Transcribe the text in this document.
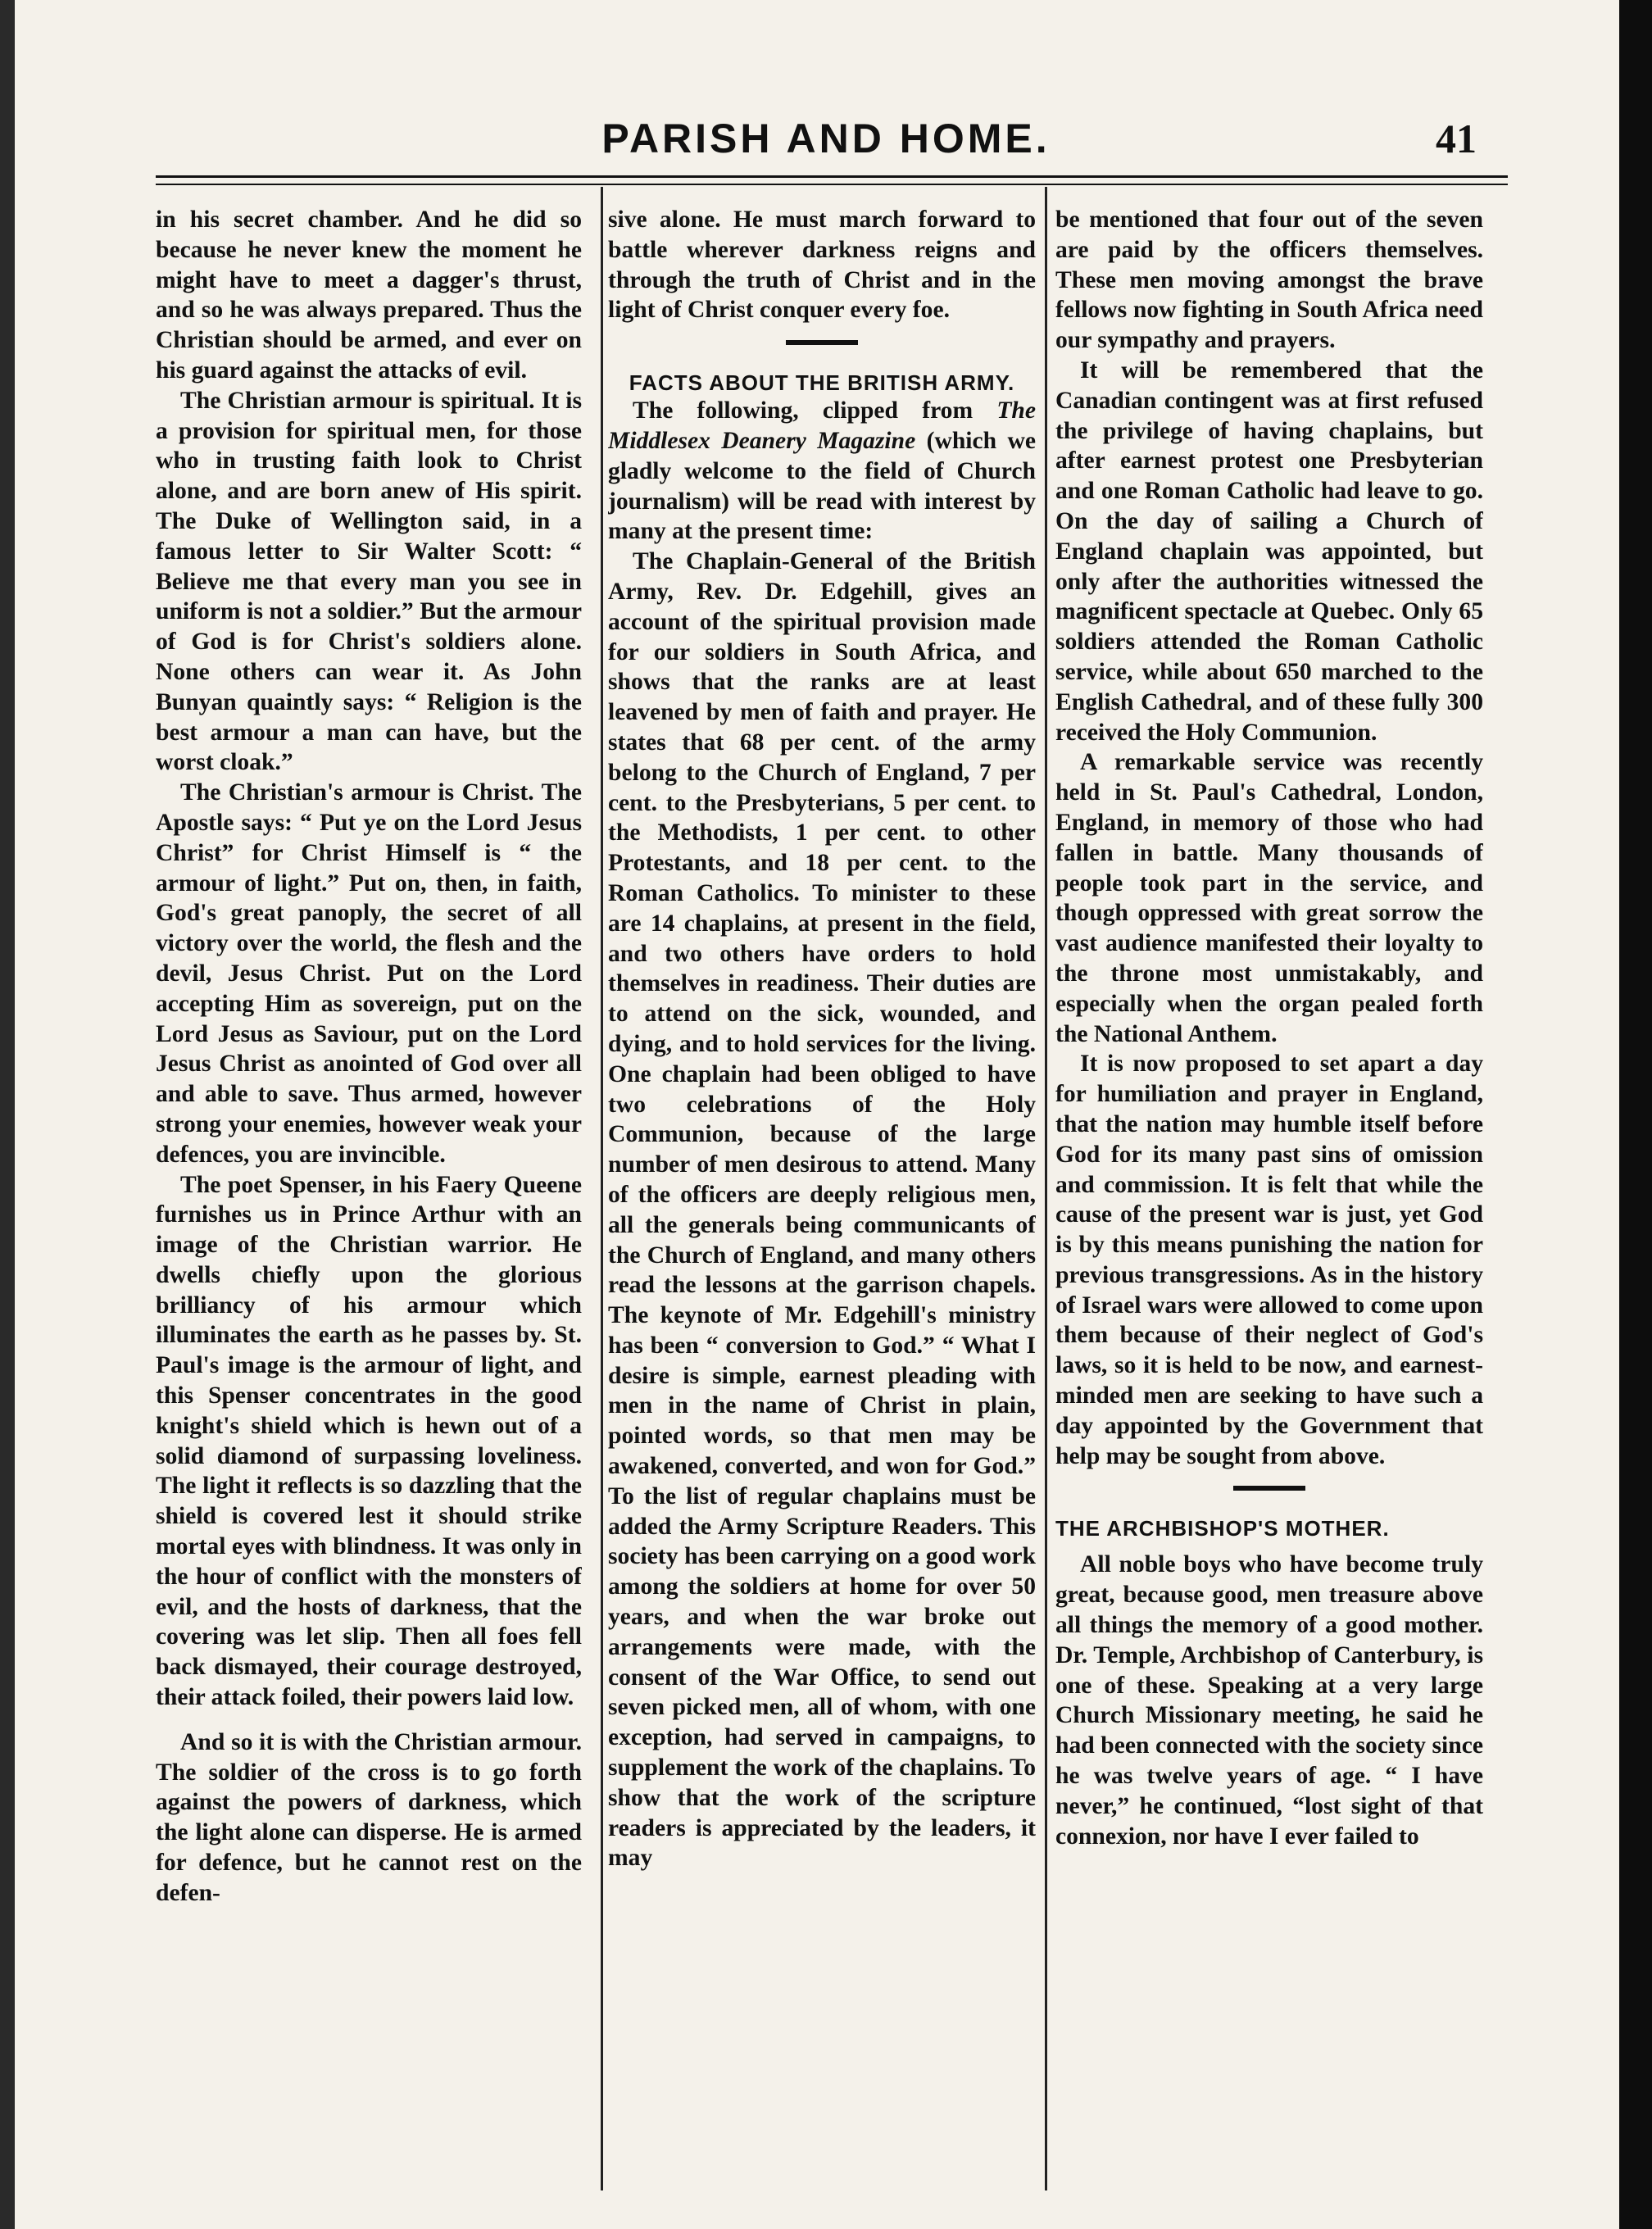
PARISH AND HOME.	41

in his secret chamber. And he did so because he never knew the moment he might have to meet a dagger's thrust, and so he was always prepared. Thus the Christian should be armed, and ever on his guard against the attacks of evil.

The Christian armour is spiritual. It is a provision for spiritual men, for those who in trusting faith look to Christ alone, and are born anew of His spirit. The Duke of Wellington said, in a famous letter to Sir Walter Scott: “ Believe me that every man you see in uniform is not a soldier.” But the armour of God is for Christ's soldiers alone. None others can wear it. As John Bunyan quaintly says: “ Religion is the best armour a man can have, but the worst cloak.”

The Christian's armour is Christ. The Apostle says: “ Put ye on the Lord Jesus Christ” for Christ Himself is “ the armour of light.” Put on, then, in faith, God's great panoply, the secret of all victory over the world, the flesh and the devil, Jesus Christ. Put on the Lord accepting Him as sovereign, put on the Lord Jesus as Saviour, put on the Lord Jesus Christ as anointed of God over all and able to save. Thus armed, however strong your enemies, however weak your defences, you are invincible.

The poet Spenser, in his Faery Queene furnishes us in Prince Arthur with an image of the Christian warrior. He dwells chiefly upon the glorious brilliancy of his armour which illuminates the earth as he passes by. St. Paul's image is the armour of light, and this Spenser concentrates in the good knight's shield which is hewn out of a solid diamond of surpassing loveliness. The light it reflects is so dazzling that the shield is covered lest it should strike mortal eyes with blindness. It was only in the hour of conflict with the monsters of evil, and the hosts of darkness, that the covering was let slip. Then all foes fell back dismayed, their courage destroyed, their attack foiled, their powers laid low.

And so it is with the Christian armour. The soldier of the cross is to go forth against the powers of darkness, which the light alone can disperse. He is armed for defence, but he cannot rest on the defen-

sive alone. He must march forward to battle wherever darkness reigns and through the truth of Christ and in the light of Christ conquer every foe.

FACTS ABOUT THE BRITISH ARMY.

The following, clipped from The Middlesex Deanery Magazine (which we gladly welcome to the field of Church journalism) will be read with interest by many at the present time:

The Chaplain-General of the British Army, Rev. Dr. Edgehill, gives an account of the spiritual provision made for our soldiers in South Africa, and shows that the ranks are at least leavened by men of faith and prayer. He states that 68 per cent. of the army belong to the Church of England, 7 per cent. to the Presbyterians, 5 per cent. to the Methodists, 1 per cent. to other Protestants, and 18 per cent. to the Roman Catholics. To minister to these are 14 chaplains, at present in the field, and two others have orders to hold themselves in readiness. Their duties are to attend on the sick, wounded, and dying, and to hold services for the living. One chaplain had been obliged to have two celebrations of the Holy Communion, because of the large number of men desirous to attend. Many of the officers are deeply religious men, all the generals being communicants of the Church of England, and many others read the lessons at the garrison chapels. The keynote of Mr. Edgehill's ministry has been “ conversion to God.” “ What I desire is simple, earnest pleading with men in the name of Christ in plain, pointed words, so that men may be awakened, converted, and won for God.” To the list of regular chaplains must be added the Army Scripture Readers. This society has been carrying on a good work among the soldiers at home for over 50 years, and when the war broke out arrangements were made, with the consent of the War Office, to send out seven picked men, all of whom, with one exception, had served in campaigns, to supplement the work of the chaplains. To show that the work of the scripture readers is appreciated by the leaders, it may

be mentioned that four out of the seven are paid by the officers themselves. These men moving amongst the brave fellows now fighting in South Africa need our sympathy and prayers.

It will be remembered that the Canadian contingent was at first refused the privilege of having chaplains, but after earnest protest one Presbyterian and one Roman Catholic had leave to go. On the day of sailing a Church of England chaplain was appointed, but only after the authorities witnessed the magnificent spectacle at Quebec. Only 65 soldiers attended the Roman Catholic service, while about 650 marched to the English Cathedral, and of these fully 300 received the Holy Communion.

A remarkable service was recently held in St. Paul's Cathedral, London, England, in memory of those who had fallen in battle. Many thousands of people took part in the service, and though oppressed with great sorrow the vast audience manifested their loyalty to the throne most unmistakably, and especially when the organ pealed forth the National Anthem.

It is now proposed to set apart a day for humiliation and prayer in England, that the nation may humble itself before God for its many past sins of omission and commission. It is felt that while the cause of the present war is just, yet God is by this means punishing the nation for previous transgressions. As in the history of Israel wars were allowed to come upon them because of their neglect of God's laws, so it is held to be now, and earnest-minded men are seeking to have such a day appointed by the Government that help may be sought from above.

THE ARCHBISHOP'S MOTHER.

All noble boys who have become truly great, because good, men treasure above all things the memory of a good mother. Dr. Temple, Archbishop of Canterbury, is one of these. Speaking at a very large Church Missionary meeting, he said he had been connected with the society since he was twelve years of age. “ I have never,” he continued, “lost sight of that connexion, nor have I ever failed to
